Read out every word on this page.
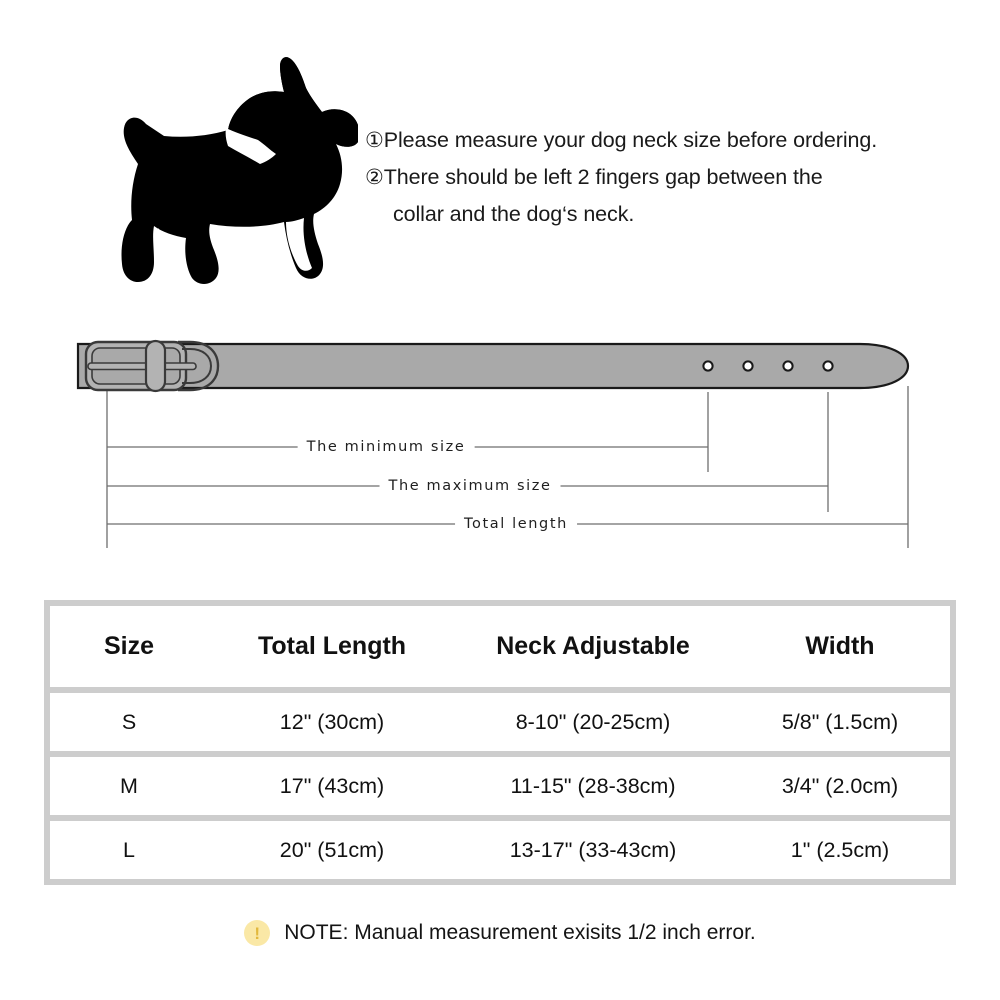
①Please measure your dog neck size before ordering.
②There should be left 2 fingers gap between the
collar and the dog‘s neck.
The minimum size
The maximum size
Total length
Size	Total Length	Neck Adjustable	Width
S	12" (30cm)	8-10" (20-25cm)	5/8" (1.5cm)
M	17" (43cm)	11-15" (28-38cm)	3/4" (2.0cm)
L	20" (51cm)	13-17" (33-43cm)	1" (2.5cm)
! NOTE: Manual measurement exisits 1/2 inch error.
